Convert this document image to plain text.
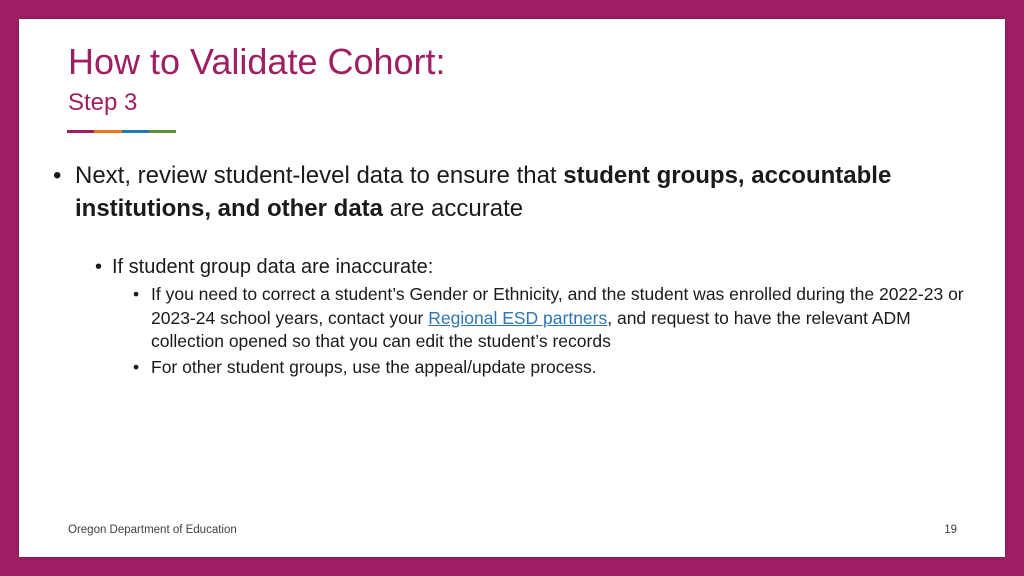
How to Validate Cohort:
Step 3
• Next, review student-level data to ensure that student groups, accountable institutions, and other data are accurate
• If student group data are inaccurate:
• If you need to correct a student’s Gender or Ethnicity, and the student was enrolled during the 2022-23 or 2023-24 school years, contact your Regional ESD partners, and request to have the relevant ADM collection opened so that you can edit the student’s records
• For other student groups, use the appeal/update process.
Oregon Department of Education	19
